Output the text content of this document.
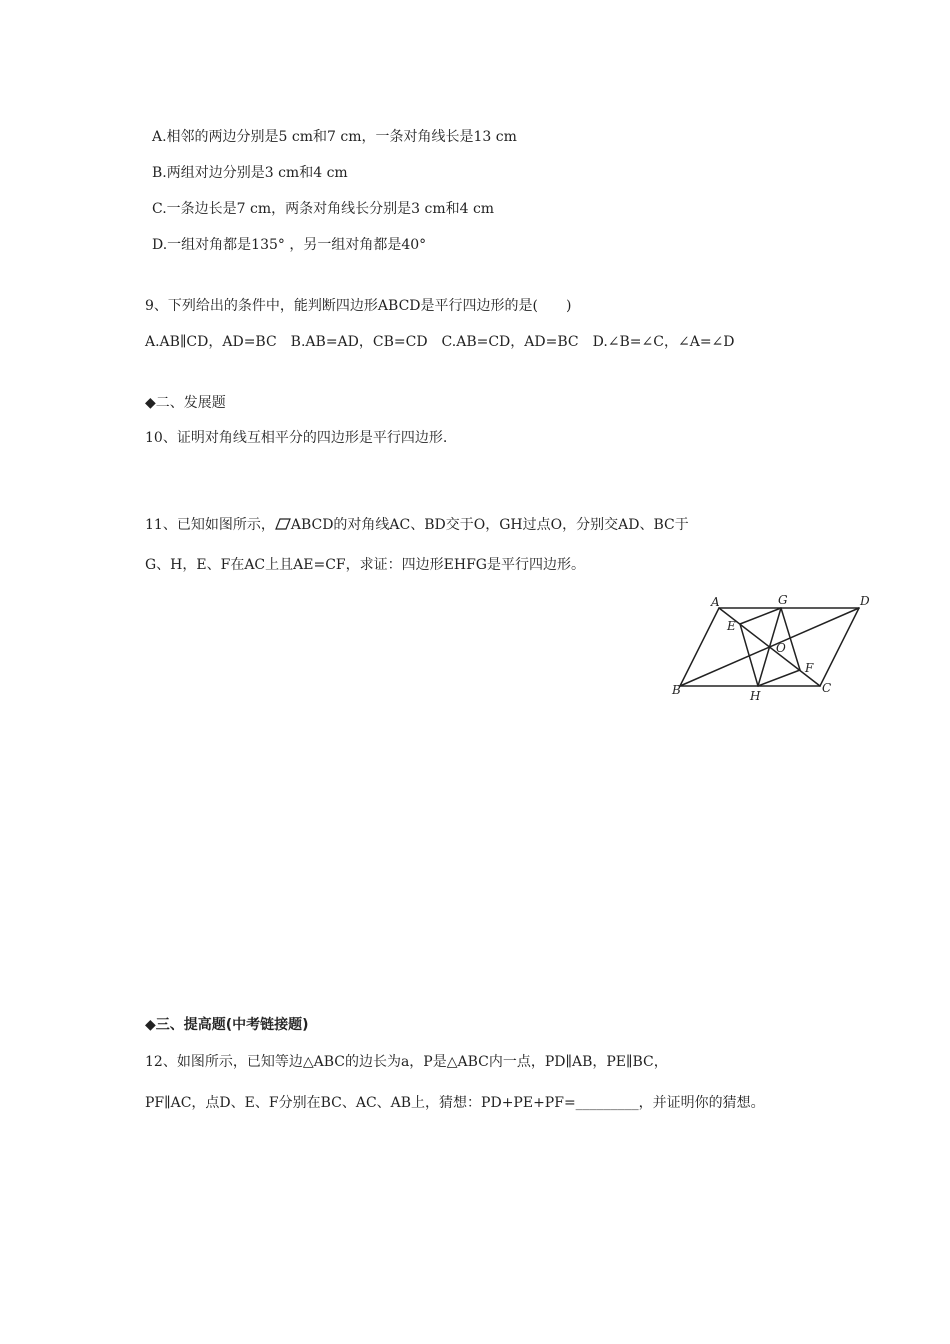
A.相邻的两边分别是5 cm和7 cm，一条对角线长是13 cm
B.两组对边分别是3 cm和4 cm
C.一条边长是7 cm，两条对角线长分别是3 cm和4 cm
D.一组对角都是135° ，另一组对角都是40°
9、下列给出的条件中，能判断四边形ABCD是平行四边形的是(　　)
A.AB∥CD，AD=BC　B.AB=AD，CB=CD　C.AB=CD，AD=BC　D.∠B=∠C，∠A=∠D
◆二、发展题
10、证明对角线互相平分的四边形是平行四边形.
11、已知如图所示， ABCD的对角线AC、BD交于O，GH过点O，分别交AD、BC于
G、H，E、F在AC上且AE=CF，求证：四边形EHFG是平行四边形。
A	G	D
E
O
F
B	H
C
◆三、提高题(中考链接题)
12、如图所示，已知等边△ABC的边长为a，P是△ABC内一点，PD∥AB，PE∥BC，
PF∥AC，点D、E、F分别在BC、AC、AB上，猜想：PD+PE+PF=_________，并证明你的猜想。
